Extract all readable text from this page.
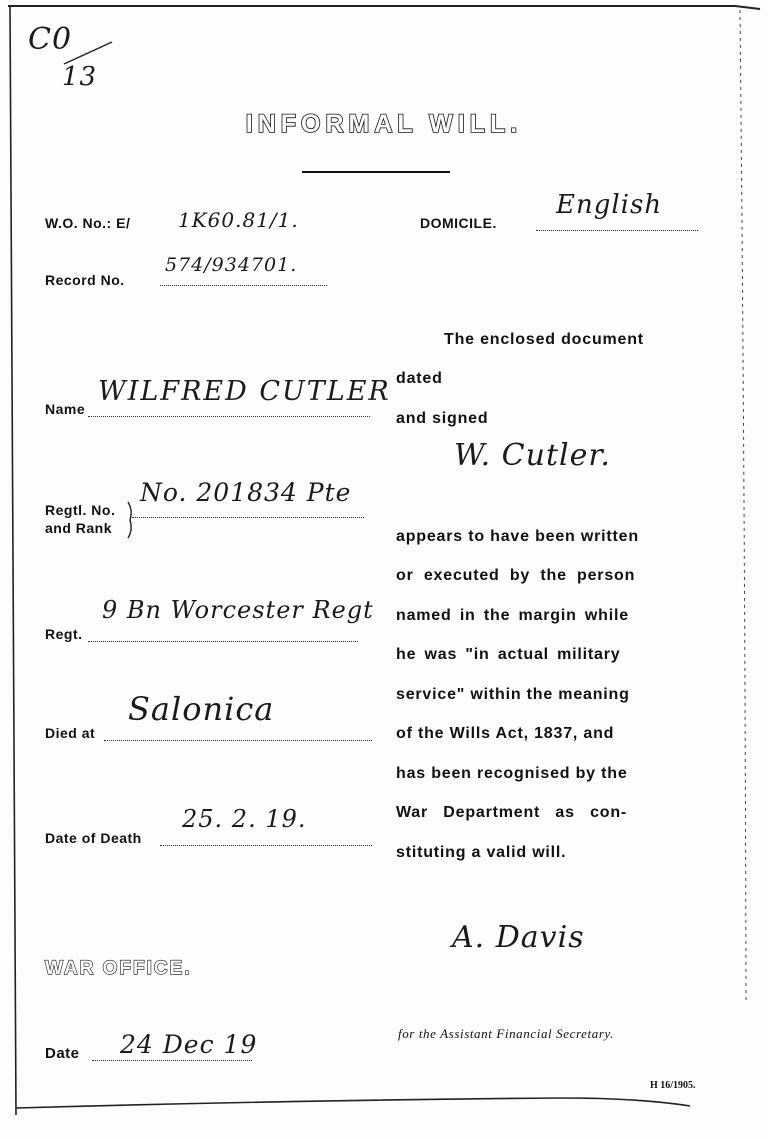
C0
13
INFORMAL WILL.
W.O. No.: E/ 1K60.81/1.	DOMICILE.
English
Record No.
574/934701.
Name
WILFRED CUTLER
Regtl. No.
and Rank
No. 201834 Pte
Regt.
9 Bn Worcester Regt
Died at
Salonica
Date of Death
25. 2. 19.
The enclosed document
dated
and signed
W. Cutler.
appears to have been written
or executed by the person
named in the margin while
he was "in actual military
service" within the meaning
of the Wills Act, 1837, and
has been recognised by the
War Department as con-
stituting a valid will.
A. Davis
WAR OFFICE.
for the Assistant Financial Secretary.
Date 24 Dec 19
H 16/1905.
